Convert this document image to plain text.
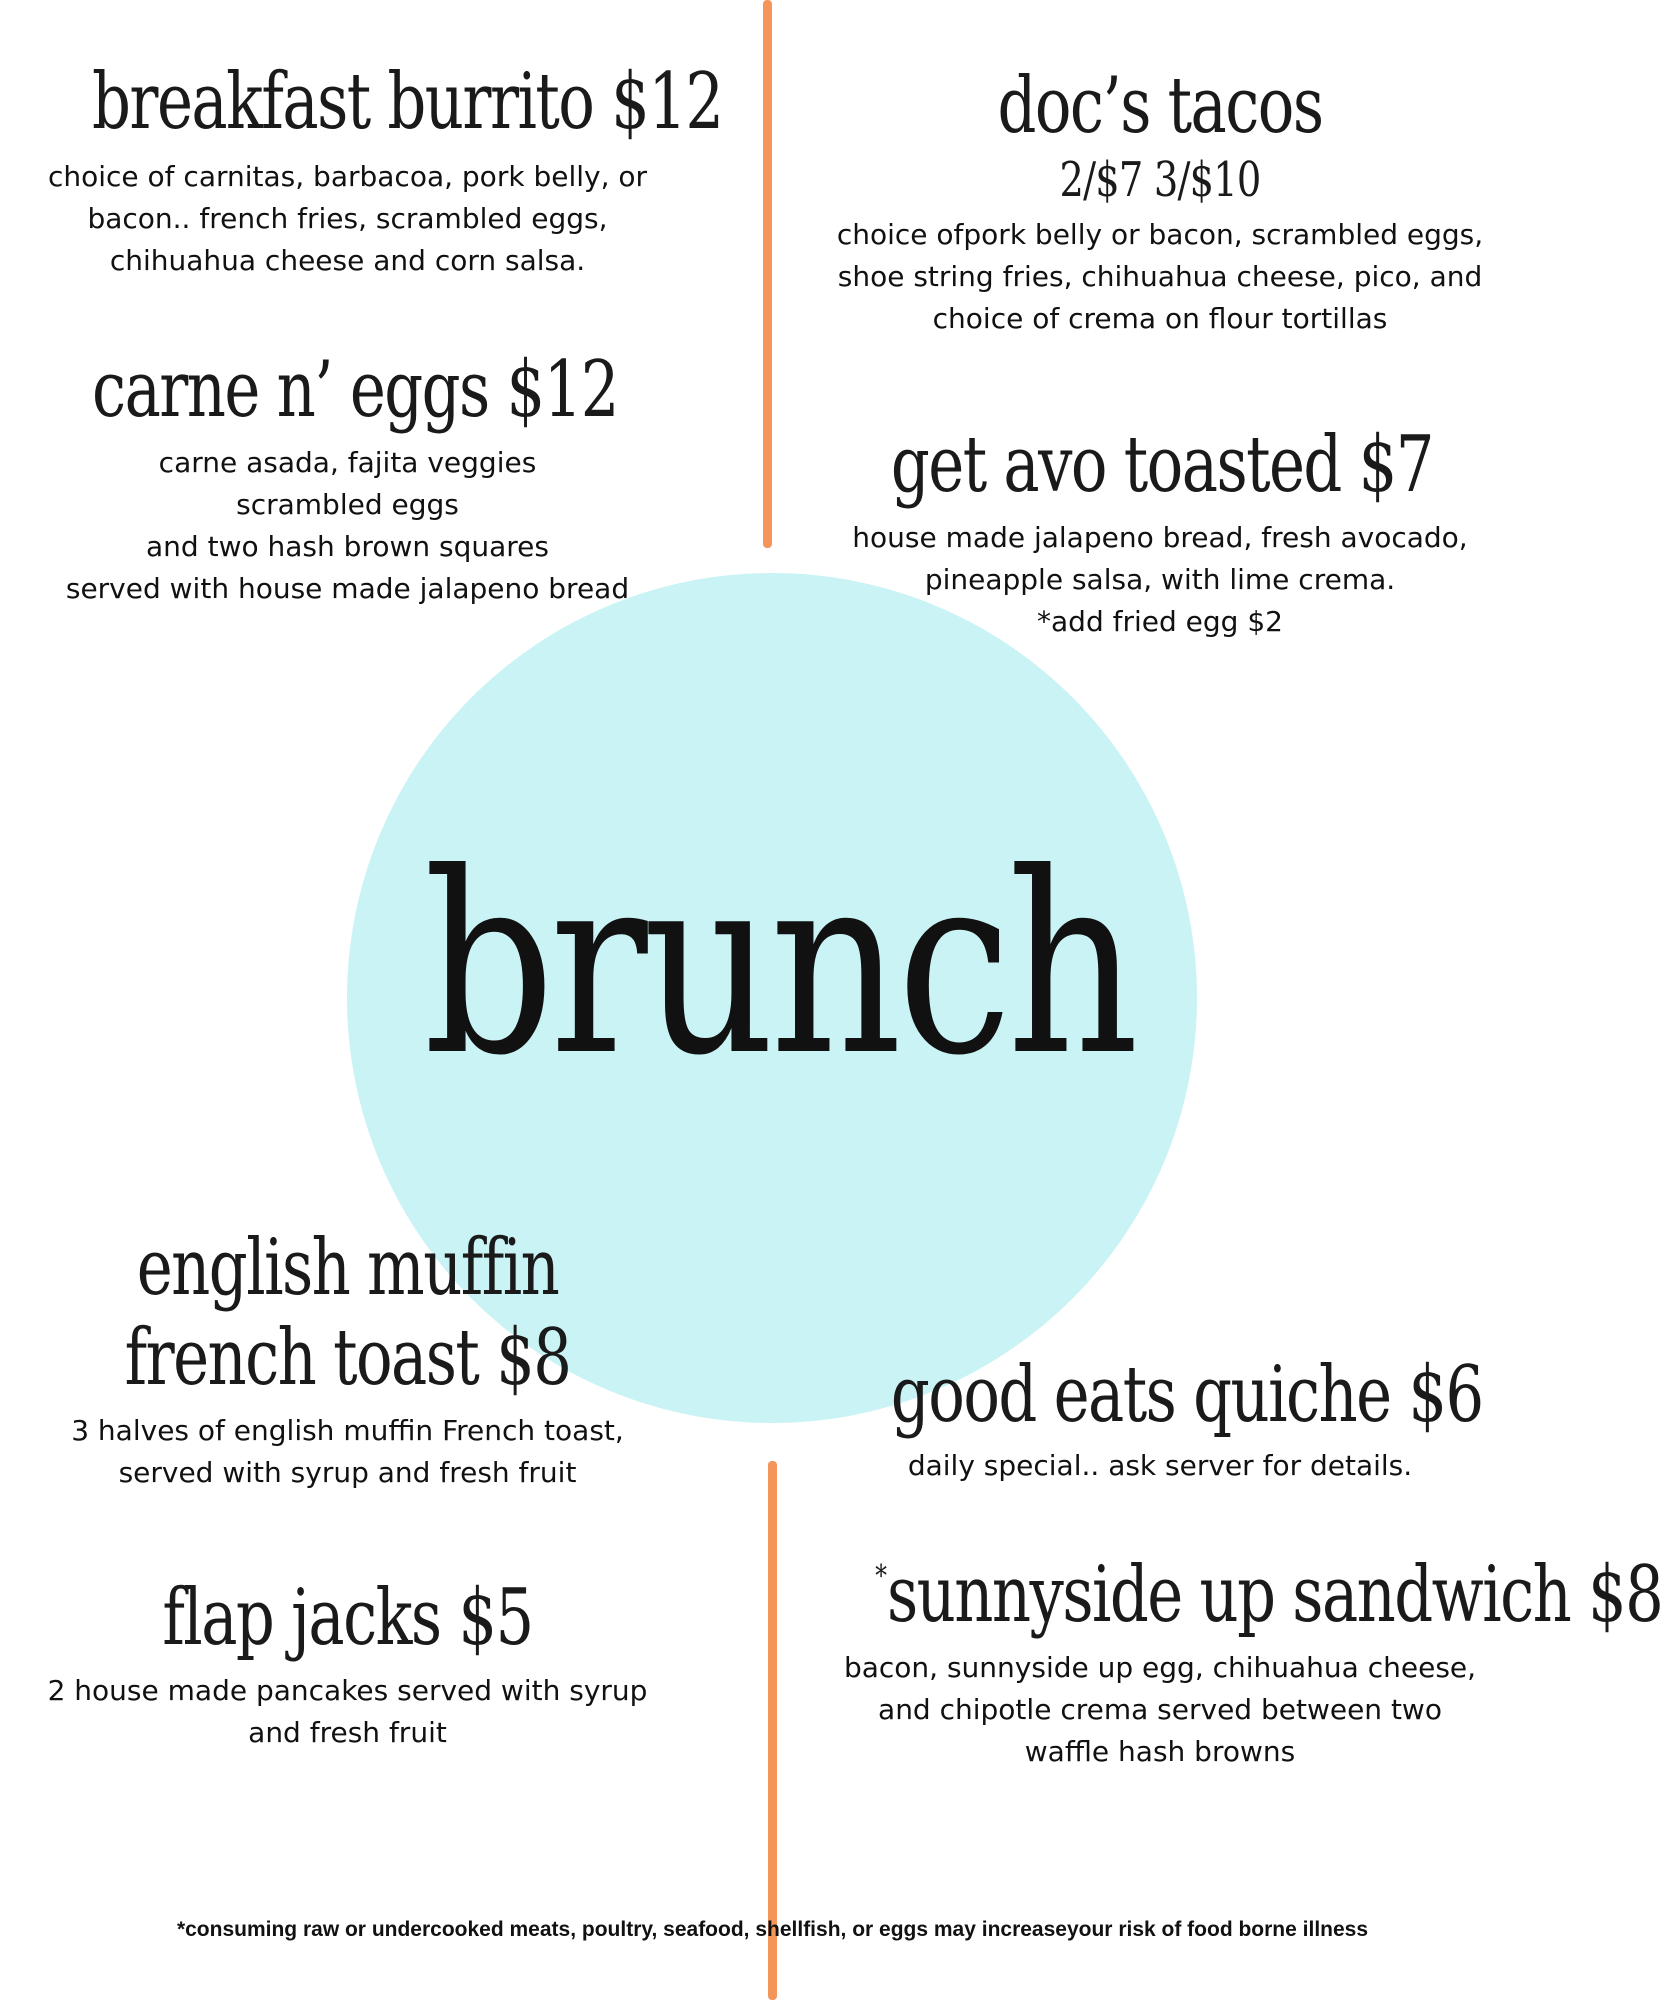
brunch
breakfast burrito $12
choice of carnitas, barbacoa, pork belly, or
bacon.. french fries, scrambled eggs,
chihuahua cheese and corn salsa.
doc’s tacos
2/$7 3/$10
choice ofpork belly or bacon, scrambled eggs,
shoe string fries, chihuahua cheese, pico, and
choice of crema on flour tortillas
carne n’ eggs $12
carne asada, fajita veggies
scrambled eggs
and two hash brown squares
served with house made jalapeno bread
get avo toasted $7
house made jalapeno bread, fresh avocado,
pineapple salsa, with lime crema.
*add fried egg $2
english muffin
french toast $8
3 halves of english muffin French toast,
served with syrup and fresh fruit
good eats quiche $6
daily special.. ask server for details.
flap jacks $5
2 house made pancakes served with syrup
and fresh fruit
*sunnyside up sandwich $8
bacon, sunnyside up egg, chihuahua cheese,
and chipotle crema served between two
waffle hash browns
*consuming raw or undercooked meats, poultry, seafood, shellfish, or eggs may increaseyour risk of food borne illness
